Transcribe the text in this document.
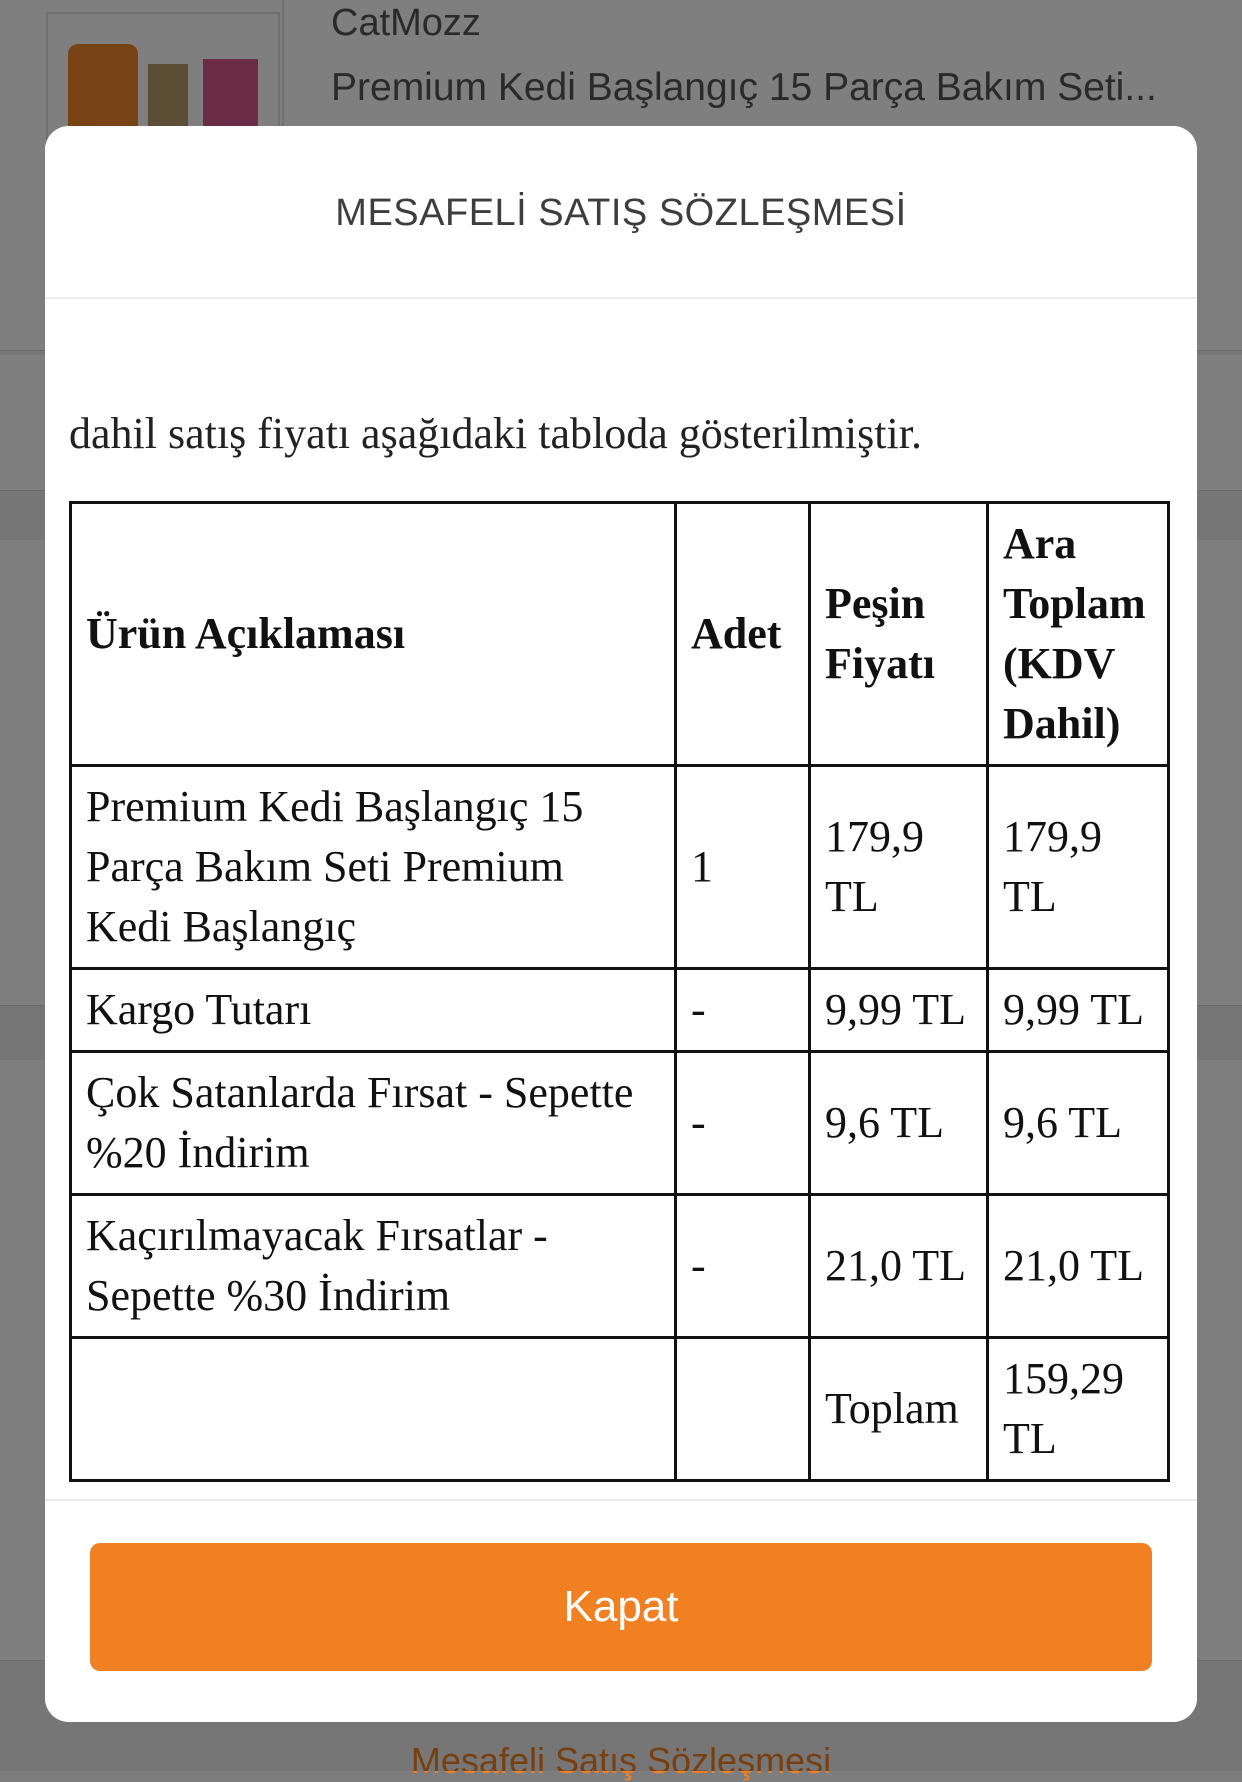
MESAFELİ SATIŞ SÖZLEŞMESİ

dahil satış fiyatı aşağıdaki tabloda gösterilmiştir.

Ürün Açıklaması	Adet	Peşin Fiyatı	Ara Toplam (KDV Dahil)
Premium Kedi Başlangıç 15 Parça Bakım Seti Premium Kedi Başlangıç	1	179,9 TL	179,9 TL
Kargo Tutarı	-	9,99 TL	9,99 TL
Çok Satanlarda Fırsat - Sepette %20 İndirim	-	9,6 TL	9,6 TL
Kaçırılmayacak Fırsatlar - Sepette %30 İndirim	-	21,0 TL	21,0 TL
		Toplam	159,29 TL
Kapat
